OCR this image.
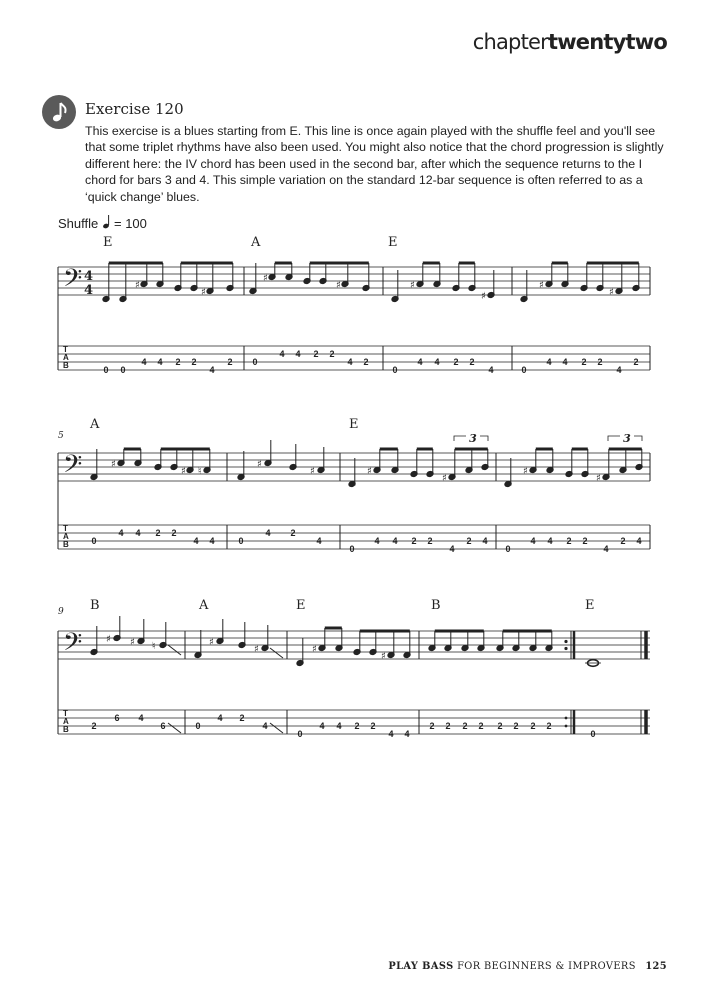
chaptertwentytwo
Exercise 120

This exercise is a blues starting from E. This line is once again played with the shuffle feel and you'll see that some triplet rhythms have also been used. You might also notice that the chord progression is slightly different here: the IV chord has been used in the second bar, after which the sequence returns to the I chord for bars 3 and 4. This simple variation on the standard 12-bar sequence is often referred to as a ‘quick change’ blues.

Shuffle = 100
E	A	E
𝄢 4
4
T
A
B
♯
♯
♯
♯	♯
♯
♯
♯
0 0
4 4 2 2
4
2 0
4 4 2 2
4 2
0
4 4 2 2
4	0
4 4 2 2
4
2
5
A	E
𝄢
T
A
B
♯
♯ ♮
♯
♯	♯
♯
3
♯
♯
3
0
4 4 2 2
4 4	0
4 2
4
0
4 4 2 2
4
2 4
0
4 4 2 2
4
2 4
9 B	A	E	B	E
𝄢
T
A
B
♯ ♯ ♮	♯
♯	♯
♯
2
6 4
6	0
4 2
4
0
4 4 2 2
4 4
2 2 2 2 2 2 2 2
0
PLAY BASS FOR BEGINNERS & IMPROVERS 125
